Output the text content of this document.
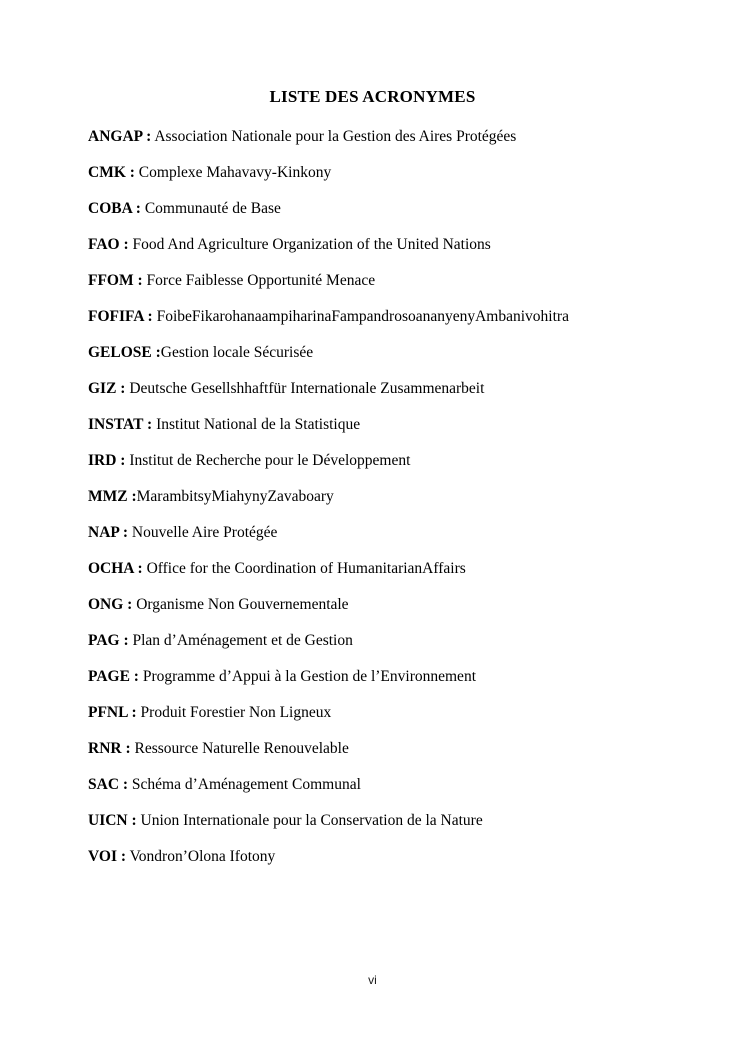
LISTE DES ACRONYMES

ANGAP : Association Nationale pour la Gestion des Aires Protégées

CMK : Complexe Mahavavy-Kinkony

COBA : Communauté de Base

FAO : Food And Agriculture Organization of the United Nations

FFOM : Force Faiblesse Opportunité Menace

FOFIFA : FoibeFikarohanaampiharinaFampandrosoananyenyAmbanivohitra

GELOSE :Gestion locale Sécurisée

GIZ : Deutsche Gesellshhaftfür Internationale Zusammenarbeit

INSTAT : Institut National de la Statistique

IRD : Institut de Recherche pour le Développement

MMZ :MarambitsyMiahynyZavaboary

NAP : Nouvelle Aire Protégée

OCHA : Office for the Coordination of HumanitarianAffairs

ONG : Organisme Non Gouvernementale

PAG : Plan d’Aménagement et de Gestion

PAGE : Programme d’Appui à la Gestion de l’Environnement

PFNL : Produit Forestier Non Ligneux

RNR : Ressource Naturelle Renouvelable

SAC : Schéma d’Aménagement Communal

UICN : Union Internationale pour la Conservation de la Nature

VOI : Vondron’Olona Ifotony

vi
